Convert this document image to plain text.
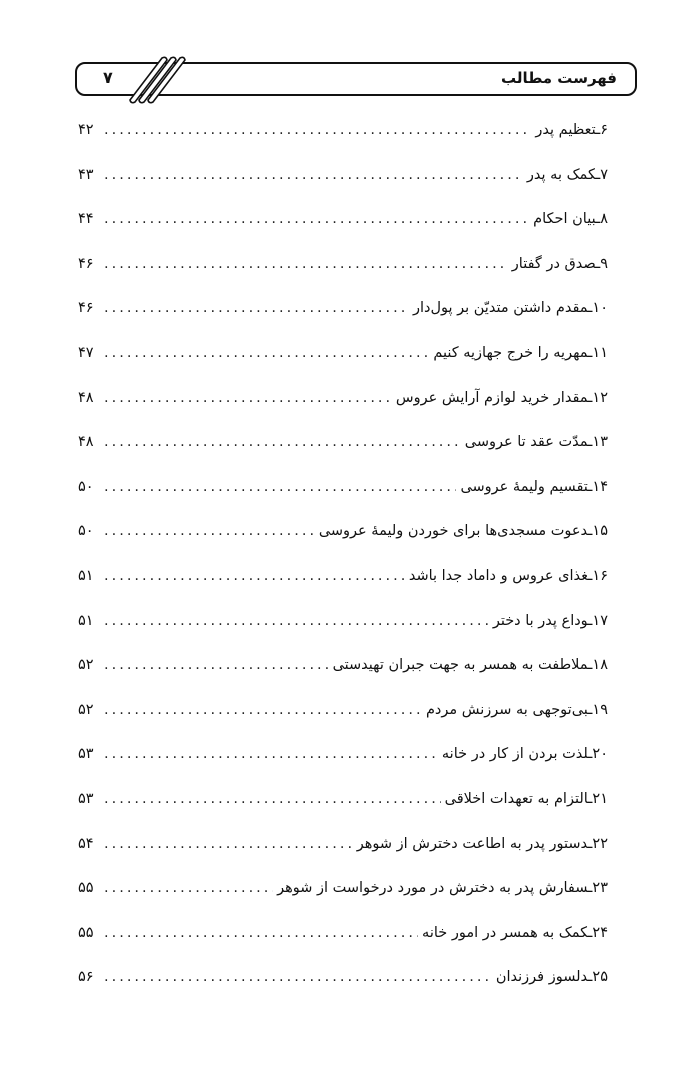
فهرست مطالب
۷
۶ـتعظیم پدر
.....
۴۲
۷ـکمک به پدر
.....
۴۳
۸ـبیان احکام
.....
۴۴
۹ـصدق در گفتار
.....
۴۶
۱۰ـمقدم داشتن متدیّن بر پول‌دار
.....
۴۶
۱۱ـمهریه را خرج جهازیه کنیم
.....
۴۷
۱۲ـمقدار خرید لوازم آرایش عروس
.....
۴۸
۱۳ـمدّت عقد تا عروسی
.....
۴۸
۱۴ـتقسیم ولیمهٔ عروسی
.....
۵۰
۱۵ـدعوت مسجدی‌ها برای خوردن ولیمهٔ عروسی
.....
۵۰
۱۶ـغذای عروس و داماد جدا باشد
.....
۵۱
۱۷ـوداع پدر با دختر
.....
۵۱
۱۸ـملاطفت به همسر به جهت جبران تهیدستی
.....
۵۲
۱۹ـبی‌توجهی به سرزنش مردم
.....
۵۲
۲۰ـلذت بردن از کار در خانه
.....
۵۳
۲۱ـالتزام به تعهدات اخلاقی
.....
۵۳
۲۲ـدستور پدر به اطاعت دخترش از شوهر
.....
۵۴
۲۳ـسفارش پدر به دخترش در مورد درخواست از شوهر
.....
۵۵
۲۴ـکمک به همسر در امور خانه
.....
۵۵
۲۵ـدلسوز فرزندان
.....
۵۶
